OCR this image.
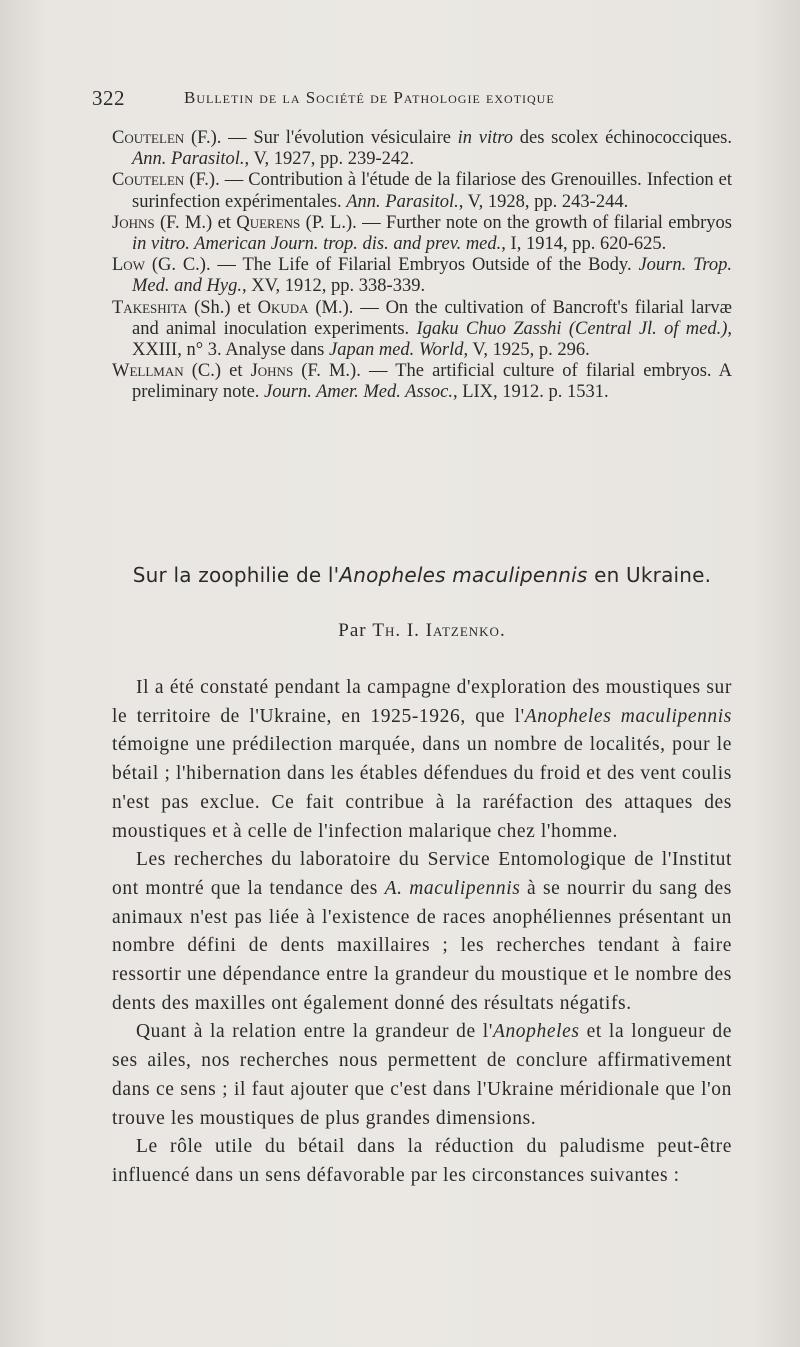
322	Bulletin de la Société de Pathologie exotique

Coutelen (F.). — Sur l'évolution vésiculaire in vitro des scolex échinococciques. Ann. Parasitol., V, 1927, pp. 239-242.

Coutelen (F.). — Contribution à l'étude de la filariose des Grenouilles. Infection et surinfection expérimentales. Ann. Parasitol., V, 1928, pp. 243-244.

Johns (F. M.) et Querens (P. L.). — Further note on the growth of filarial embryos in vitro. American Journ. trop. dis. and prev. med., I, 1914, pp. 620-625.

Low (G. C.). — The Life of Filarial Embryos Outside of the Body. Journ. Trop. Med. and Hyg., XV, 1912, pp. 338-339.

Takeshita (Sh.) et Okuda (M.). — On the cultivation of Bancroft's filarial larvæ and animal inoculation experiments. Igaku Chuo Zasshi (Central Jl. of med.), XXIII, n° 3. Analyse dans Japan med. World, V, 1925, p. 296.

Wellman (C.) et Johns (F. M.). — The artificial culture of filarial embryos. A preliminary note. Journ. Amer. Med. Assoc., LIX, 1912. p. 1531.

Sur la zoophilie de l'Anopheles maculipennis en Ukraine.
Par Th. I. Iatzenko.

Il a été constaté pendant la campagne d'exploration des moustiques sur le territoire de l'Ukraine, en 1925-1926, que l'Anopheles maculipennis témoigne une prédilection marquée, dans un nombre de localités, pour le bétail ; l'hibernation dans les étables défendues du froid et des vent coulis n'est pas exclue. Ce fait contribue à la raréfaction des attaques des moustiques et à celle de l'infection malarique chez l'homme.

Les recherches du laboratoire du Service Entomologique de l'Institut ont montré que la tendance des A. maculipennis à se nourrir du sang des animaux n'est pas liée à l'existence de races anophéliennes présentant un nombre défini de dents maxillaires ; les recherches tendant à faire ressortir une dépendance entre la grandeur du moustique et le nombre des dents des maxilles ont également donné des résultats négatifs.

Quant à la relation entre la grandeur de l'Anopheles et la longueur de ses ailes, nos recherches nous permettent de conclure affirmativement dans ce sens ; il faut ajouter que c'est dans l'Ukraine méridionale que l'on trouve les moustiques de plus grandes dimensions.

Le rôle utile du bétail dans la réduction du paludisme peut-être influencé dans un sens défavorable par les circonstances suivantes :
